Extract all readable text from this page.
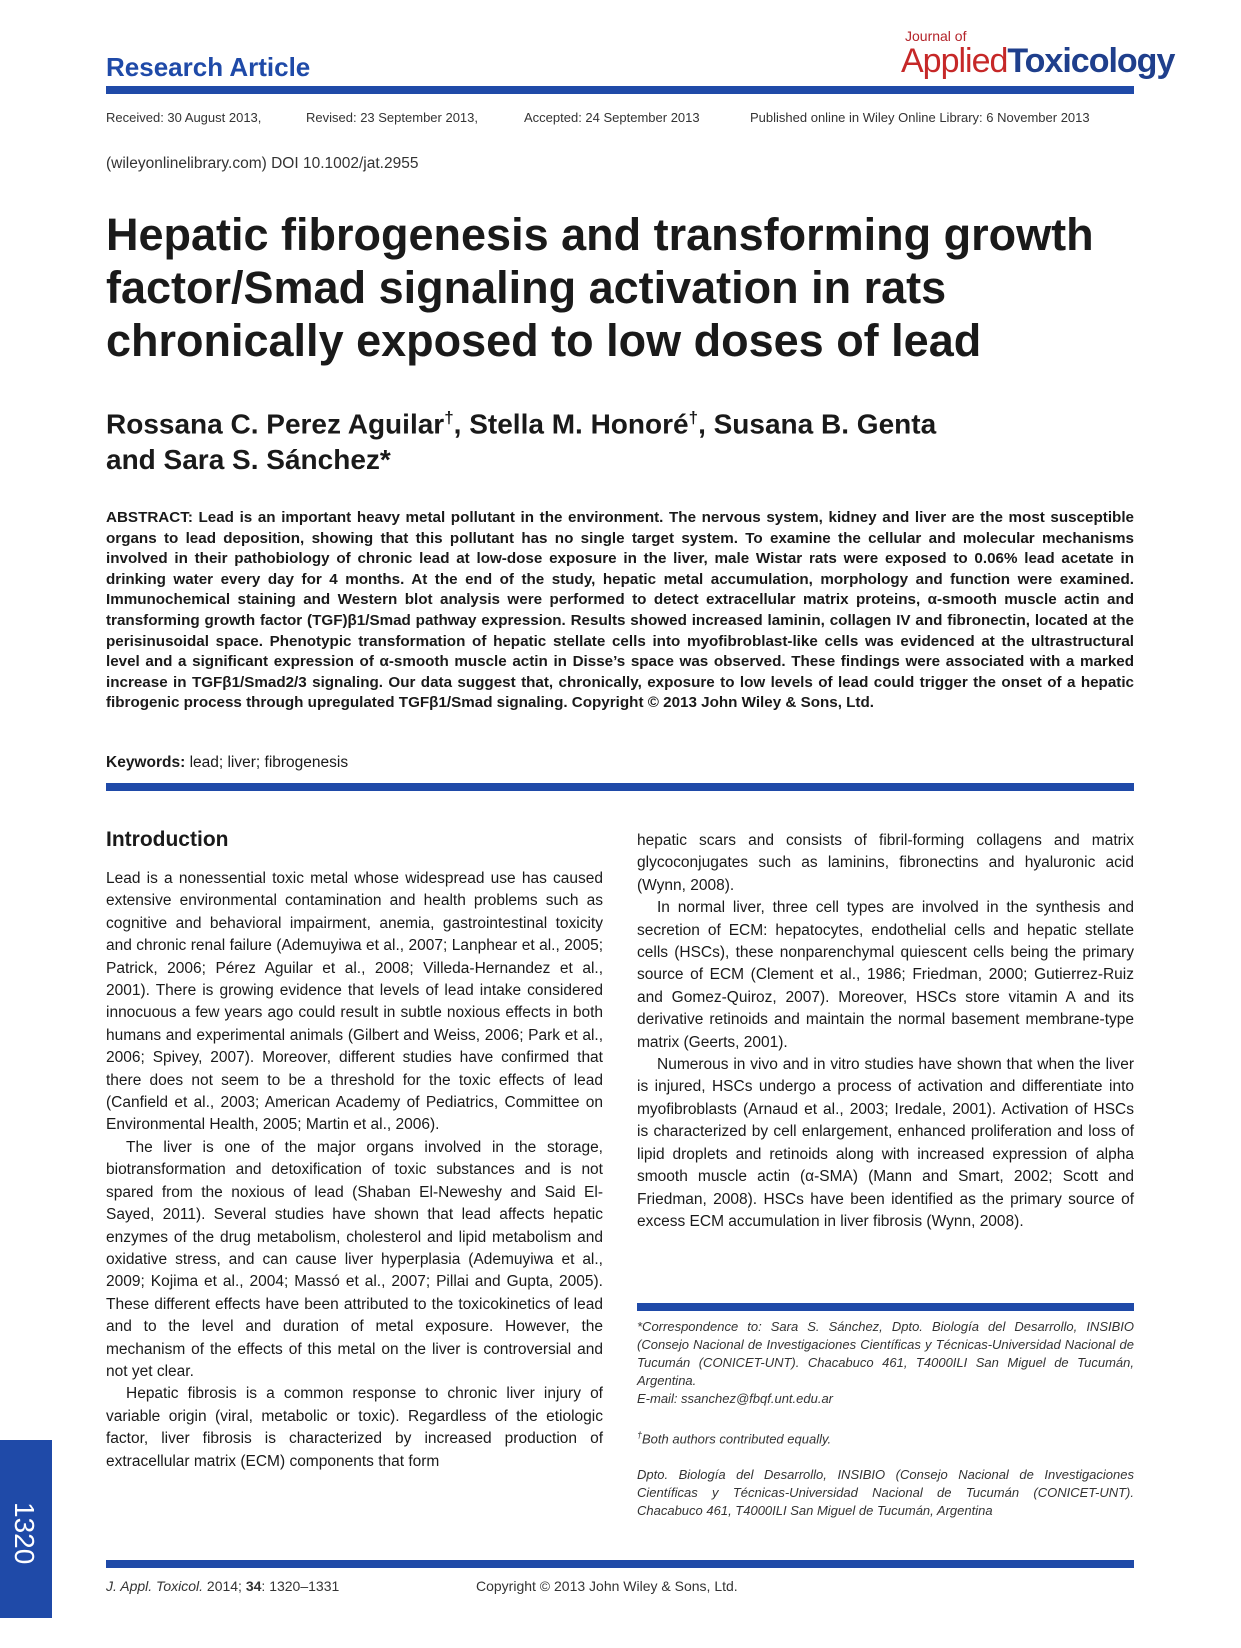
Research Article
Journal of
AppliedToxicology
Received: 30 August 2013,	Revised: 23 September 2013,	Accepted: 24 September 2013	Published online in Wiley Online Library: 6 November 2013
(wileyonlinelibrary.com) DOI 10.1002/jat.2955
Hepatic fibrogenesis and transforming growth factor/Smad signaling activation in rats chronically exposed to low doses of lead
Rossana C. Perez Aguilar†, Stella M. Honoré†, Susana B. Genta
and Sara S. Sánchez*
ABSTRACT: Lead is an important heavy metal pollutant in the environment. The nervous system, kidney and liver are the most susceptible organs to lead deposition, showing that this pollutant has no single target system. To examine the cellular and molecular mechanisms involved in their pathobiology of chronic lead at low-dose exposure in the liver, male Wistar rats were exposed to 0.06% lead acetate in drinking water every day for 4 months. At the end of the study, hepatic metal accumulation, morphology and function were examined. Immunochemical staining and Western blot analysis were performed to detect extracellular matrix proteins, α-smooth muscle actin and transforming growth factor (TGF)β1/Smad pathway expression. Results showed increased laminin, collagen IV and fibronectin, located at the perisinusoidal space. Phenotypic transformation of hepatic stellate cells into myofibroblast-like cells was evidenced at the ultrastructural level and a significant expression of α-smooth muscle actin in Disse’s space was observed. These findings were associated with a marked increase in TGFβ1/Smad2/3 signaling. Our data suggest that, chronically, exposure to low levels of lead could trigger the onset of a hepatic fibrogenic process through upregulated TGFβ1/Smad signaling. Copyright © 2013 John Wiley & Sons, Ltd.
Keywords: lead; liver; fibrogenesis
Introduction

Lead is a nonessential toxic metal whose widespread use has caused extensive environmental contamination and health problems such as cognitive and behavioral impairment, anemia, gastrointestinal toxicity and chronic renal failure (Ademuyiwa et al., 2007; Lanphear et al., 2005; Patrick, 2006; Pérez Aguilar et al., 2008; Villeda-Hernandez et al., 2001). There is growing evidence that levels of lead intake considered innocuous a few years ago could result in subtle noxious effects in both humans and experimental animals (Gilbert and Weiss, 2006; Park et al., 2006; Spivey, 2007). Moreover, different studies have confirmed that there does not seem to be a threshold for the toxic effects of lead (Canfield et al., 2003; American Academy of Pediatrics, Committee on Environmental Health, 2005; Martin et al., 2006).

The liver is one of the major organs involved in the storage, biotransformation and detoxification of toxic substances and is not spared from the noxious of lead (Shaban El-Neweshy and Said El-Sayed, 2011). Several studies have shown that lead affects hepatic enzymes of the drug metabolism, cholesterol and lipid metabolism and oxidative stress, and can cause liver hyperplasia (Ademuyiwa et al., 2009; Kojima et al., 2004; Massó et al., 2007; Pillai and Gupta, 2005). These different effects have been attributed to the toxicokinetics of lead and to the level and duration of metal exposure. However, the mechanism of the effects of this metal on the liver is controversial and not yet clear.

Hepatic fibrosis is a common response to chronic liver injury of variable origin (viral, metabolic or toxic). Regardless of the etiologic factor, liver fibrosis is characterized by increased production of extracellular matrix (ECM) components that form

hepatic scars and consists of fibril-forming collagens and matrix glycoconjugates such as laminins, fibronectins and hyaluronic acid (Wynn, 2008).

In normal liver, three cell types are involved in the synthesis and secretion of ECM: hepatocytes, endothelial cells and hepatic stellate cells (HSCs), these nonparenchymal quiescent cells being the primary source of ECM (Clement et al., 1986; Friedman, 2000; Gutierrez-Ruiz and Gomez-Quiroz, 2007). Moreover, HSCs store vitamin A and its derivative retinoids and maintain the normal basement membrane-type matrix (Geerts, 2001).

Numerous in vivo and in vitro studies have shown that when the liver is injured, HSCs undergo a process of activation and differentiate into myofibroblasts (Arnaud et al., 2003; Iredale, 2001). Activation of HSCs is characterized by cell enlargement, enhanced proliferation and loss of lipid droplets and retinoids along with increased expression of alpha smooth muscle actin (α-SMA) (Mann and Smart, 2002; Scott and Friedman, 2008). HSCs have been identified as the primary source of excess ECM accumulation in liver fibrosis (Wynn, 2008).

*Correspondence to: Sara S. Sánchez, Dpto. Biología del Desarrollo, INSIBIO (Consejo Nacional de Investigaciones Científicas y Técnicas-Universidad Nacional de Tucumán (CONICET-UNT). Chacabuco 461, T4000ILI San Miguel de Tucumán, Argentina.

E-mail: ssanchez@fbqf.unt.edu.ar

†Both authors contributed equally.

Dpto. Biología del Desarrollo, INSIBIO (Consejo Nacional de Investigaciones Científicas y Técnicas-Universidad Nacional de Tucumán (CONICET-UNT). Chacabuco 461, T4000ILI San Miguel de Tucumán, Argentina

1320
J. Appl. Toxicol. 2014; 34: 1320–1331	Copyright © 2013 John Wiley & Sons, Ltd.
